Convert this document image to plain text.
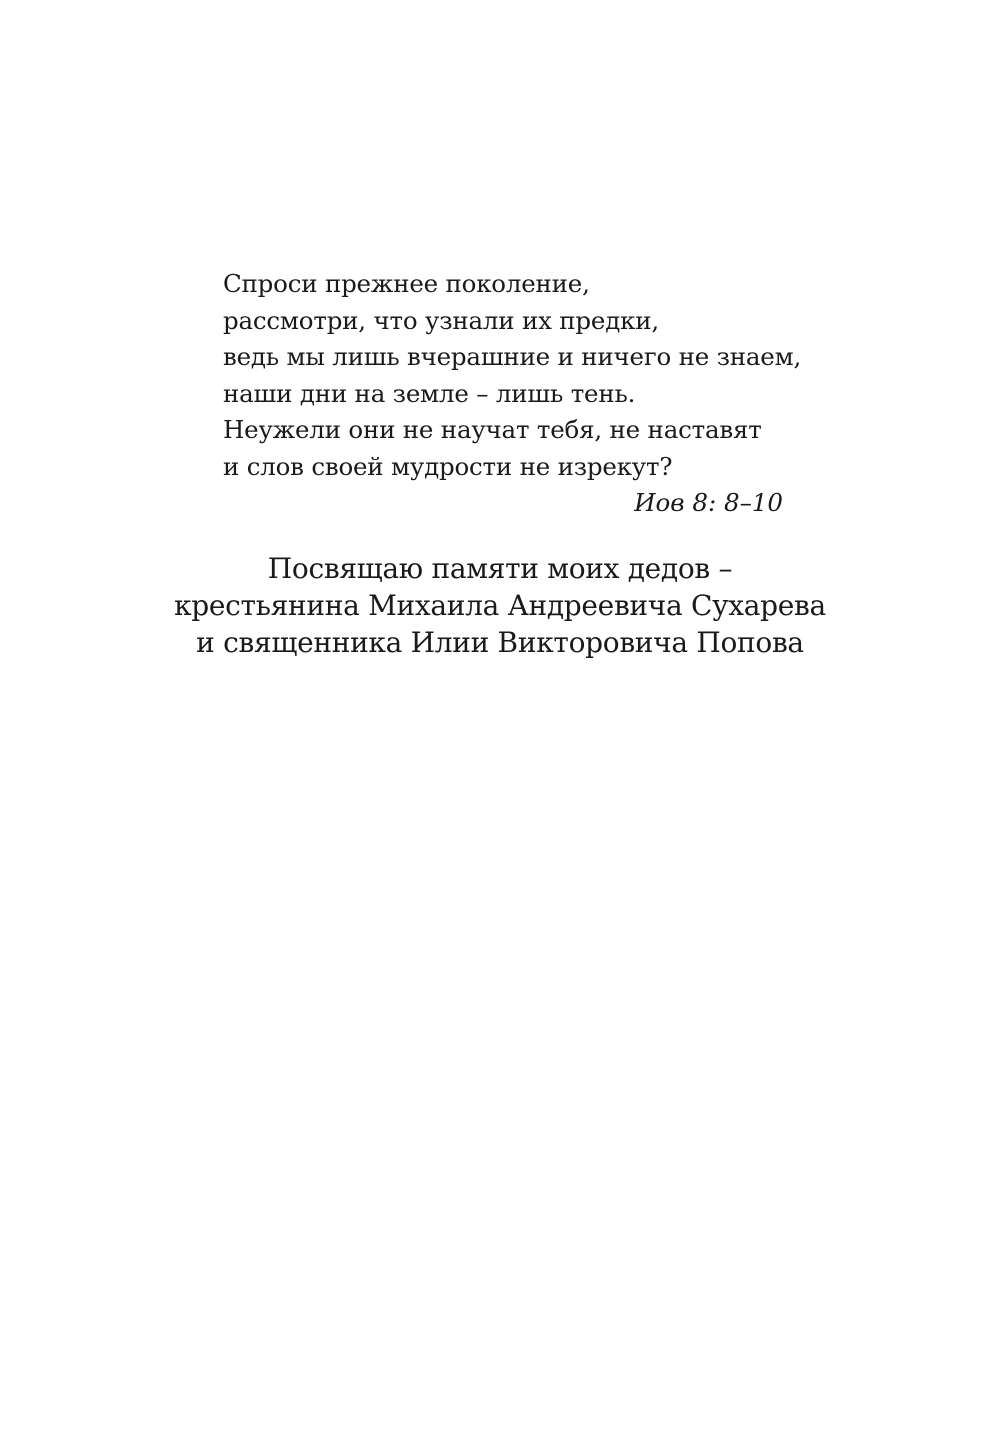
Спроси прежнее поколение,
рассмотри, что узнали их предки,
ведь мы лишь вчерашние и ничего не знаем,
наши дни на земле – лишь тень.
Неужели они не научат тебя, не наставят
и слов своей мудрости не изрекут?
Иов 8: 8–10
Посвящаю памяти моих дедов –
крестьянина Михаила Андреевича Сухарева
и священника Илии Викторовича Попова
